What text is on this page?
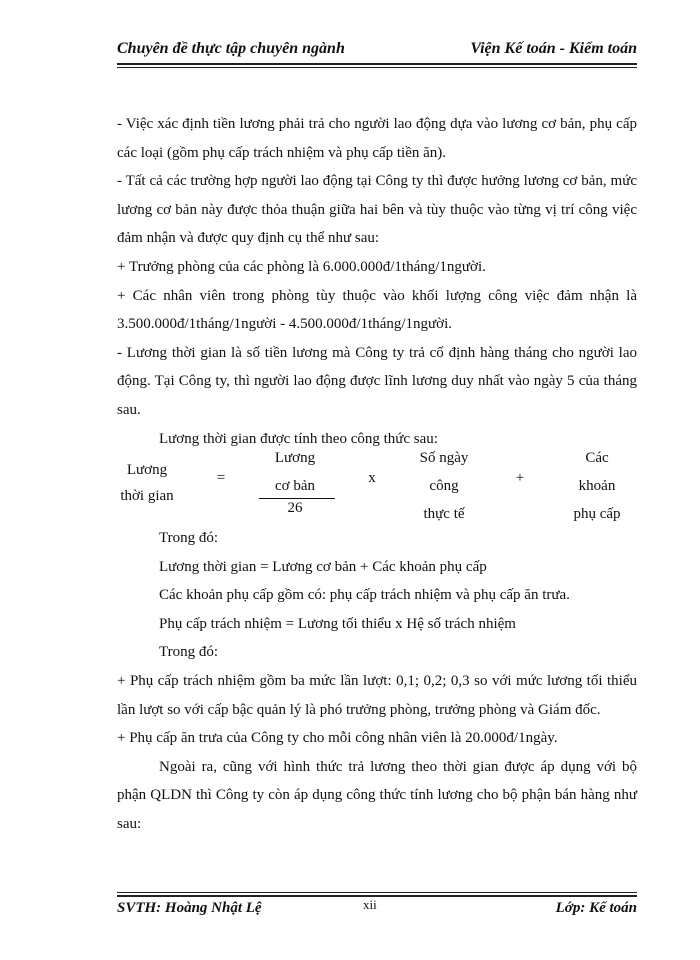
Chuyên đề thực tập chuyên ngành	Viện Kế toán - Kiểm toán

- Việc xác định tiền lương phải trả cho người lao động dựa vào lương cơ bản, phụ cấp các loại (gồm phụ cấp trách nhiệm và phụ cấp tiền ăn).

- Tất cả các trường hợp người lao động tại Công ty thì được hưởng lương cơ bản, mức lương cơ bản này được thỏa thuận giữa hai bên và tùy thuộc vào từng vị trí công việc đảm nhận và được quy định cụ thể như sau:

+ Trưởng phòng của các phòng là 6.000.000đ/1tháng/1người.

+ Các nhân viên trong phòng tùy thuộc vào khối lượng công việc đảm nhận là 3.500.000đ/1tháng/1người - 4.500.000đ/1tháng/1người.

- Lương thời gian là số tiền lương mà Công ty trả cố định hàng tháng cho người lao động. Tại Công ty, thì người lao động được lĩnh lương duy nhất vào ngày 5 của tháng sau.

Lương thời gian được tính theo công thức sau:

Lương
thời gian
=
Lương
cơ bản
26
x
Số ngày
công
thực tế
+
Các
khoản
phụ cấp

Trong đó:

Lương thời gian = Lương cơ bản + Các khoản phụ cấp

Các khoản phụ cấp gồm có: phụ cấp trách nhiệm và phụ cấp ăn trưa.

Phụ cấp trách nhiệm = Lương tối thiểu x Hệ số trách nhiệm

Trong đó:

+ Phụ cấp trách nhiệm gồm ba mức lần lượt: 0,1; 0,2; 0,3 so với mức lương tối thiểu lần lượt so với cấp bậc quản lý là phó trưởng phòng, trưởng phòng và Giám đốc.

+ Phụ cấp ăn trưa của Công ty cho mỗi công nhân viên là 20.000đ/1ngày.

Ngoài ra, cũng với hình thức trả lương theo thời gian được áp dụng với bộ phận QLDN thì Công ty còn áp dụng công thức tính lương cho bộ phận bán hàng như sau:

SVTH: Hoàng Nhật Lệ	xii	Lớp: Kế toán
